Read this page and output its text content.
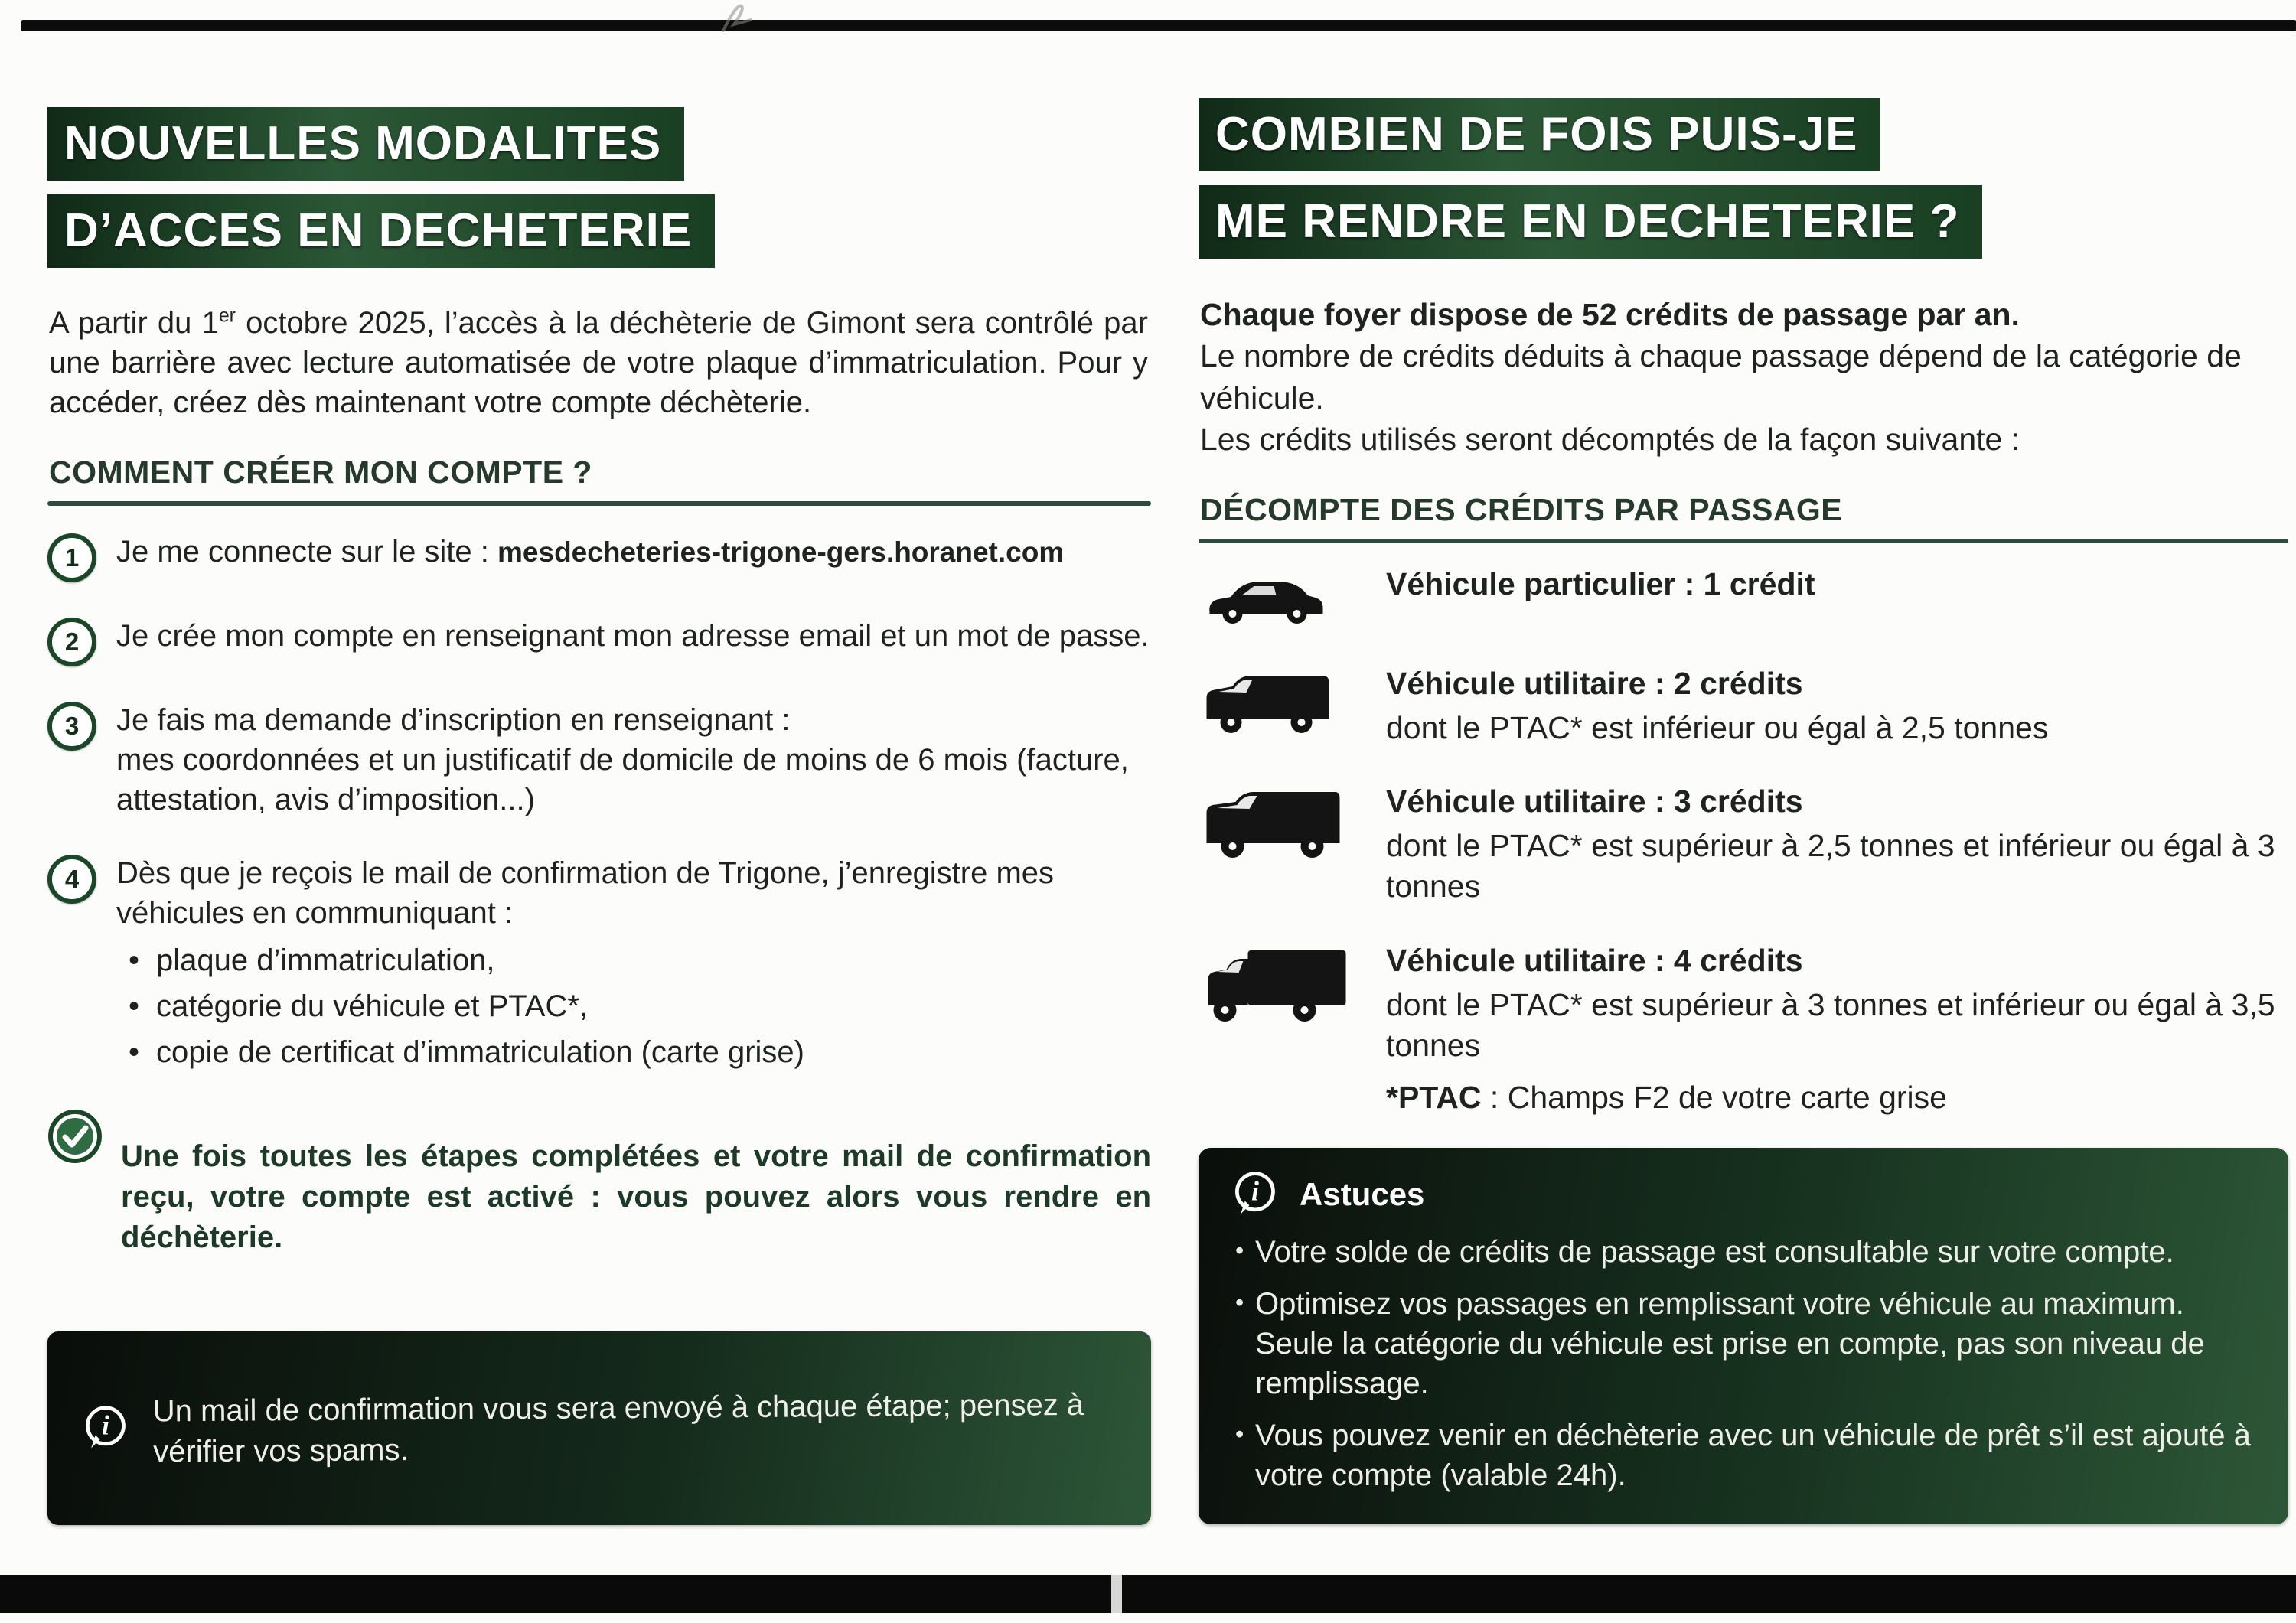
NOUVELLES MODALITES
D’ACCES EN DECHETERIE

A partir du 1er octobre 2025, l’accès à la déchèterie de Gimont sera contrôlé par une barrière avec lecture automatisée de votre plaque d’immatriculation. Pour y accéder, créez dès maintenant votre compte déchèterie.

COMMENT CRÉER MON COMPTE ?
1	Je me connecte sur le site : mesdecheteries-trigone-gers.horanet.com
2	Je crée mon compte en renseignant mon adresse email et un mot de passe.
3	Je fais ma demande d’inscription en renseignant :
mes coordonnées et un justificatif de domicile de moins de 6 mois (facture, attestation, avis d’imposition...)
4	Dès que je reçois le mail de confirmation de Trigone, j’enregistre mes véhicules en communiquant :
• plaque d’immatriculation,
• catégorie du véhicule et PTAC*,
• copie de certificat d’immatriculation (carte grise)

Une fois toutes les étapes complétées et votre mail de confirmation reçu, votre compte est activé : vous pouvez alors vous rendre en déchèterie.

i Un mail de confirmation vous sera envoyé à chaque étape; pensez à vérifier vos spams.

COMBIEN DE FOIS PUIS-JE
ME RENDRE EN DECHETERIE ?

Chaque foyer dispose de 52 crédits de passage par an.

Le nombre de crédits déduits à chaque passage dépend de la catégorie de véhicule.

Les crédits utilisés seront décomptés de la façon suivante :

DÉCOMPTE DES CRÉDITS PAR PASSAGE
Véhicule particulier : 1 crédit
Véhicule utilitaire : 2 crédits
dont le PTAC* est inférieur ou égal à 2,5 tonnes
Véhicule utilitaire : 3 crédits
dont le PTAC* est supérieur à 2,5 tonnes et inférieur ou égal à 3 tonnes
Véhicule utilitaire : 4 crédits
dont le PTAC* est supérieur à 3 tonnes et inférieur ou égal à 3,5 tonnes

*PTAC : Champs F2 de votre carte grise

i Astuces
• Votre solde de crédits de passage est consultable sur votre compte.
• Optimisez vos passages en remplissant votre véhicule au maximum. Seule la catégorie du véhicule est prise en compte, pas son niveau de remplissage.
• Vous pouvez venir en déchèterie avec un véhicule de prêt s’il est ajouté à votre compte (valable 24h).
